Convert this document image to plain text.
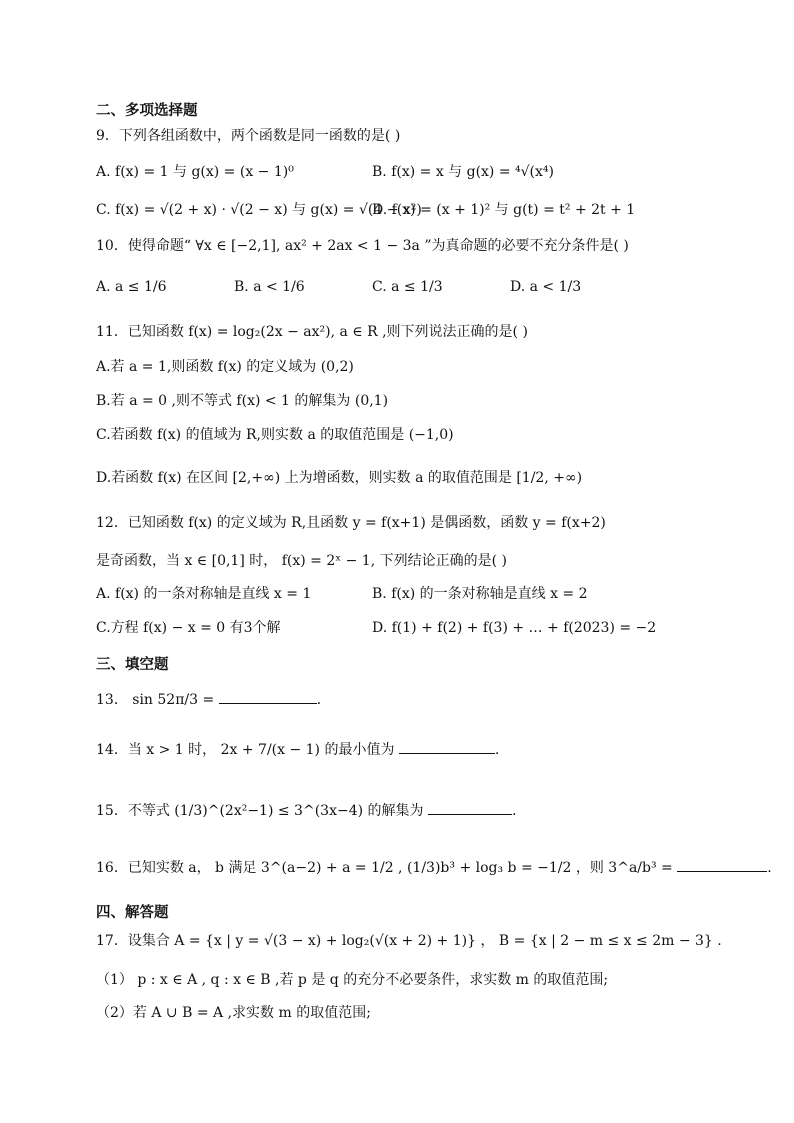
二、多项选择题
9．下列各组函数中，两个函数是同一函数的是( )
A. f(x) = 1 与 g(x) = (x − 1)⁰	B. f(x) = x 与 g(x) = ⁴√(x⁴)
C. f(x) = √(2 + x) · √(2 − x) 与 g(x) = √(4 − x²)
D. f(x) = (x + 1)² 与 g(t) = t² + 2t + 1
10．使得命题“ ∀x ∈ [−2,1], ax² + 2ax < 1 − 3a ”为真命题的必要不充分条件是( )
A. a ≤ 1/6	B. a < 1/6	C. a ≤ 1/3	D. a < 1/3
11．已知函数 f(x) = log₂(2x − ax²), a ∈ R ,则下列说法正确的是( )
A.若 a = 1,则函数 f(x) 的定义域为 (0,2)
B.若 a = 0 ,则不等式 f(x) < 1 的解集为 (0,1)
C.若函数 f(x) 的值域为 R,则实数 a 的取值范围是 (−1,0)
D.若函数 f(x) 在区间 [2,+∞) 上为增函数，则实数 a 的取值范围是 [1/2, +∞)
12．已知函数 f(x) 的定义域为 R,且函数 y = f(x+1) 是偶函数，函数 y = f(x+2)
是奇函数，当 x ∈ [0,1] 时， f(x) = 2ˣ − 1, 下列结论正确的是( )
A. f(x) 的一条对称轴是直线 x = 1	B. f(x) 的一条对称轴是直线 x = 2
C.方程 f(x) − x = 0 有3个解	D. f(1) + f(2) + f(3) + … + f(2023) = −2
三、填空题
13． sin 52π/3 =	.
14．当 x > 1 时， 2x + 7/(x − 1) 的最小值为	.
15．不等式 (1/3)^(2x²−1) ≤ 3^(3x−4) 的解集为	.
16．已知实数 a， b 满足 3^(a−2) + a = 1/2 , (1/3)b³ + log₃ b = −1/2 ，则 3^a/b³ =	.
四、解答题
17．设集合 A = {x | y = √(3 − x) + log₂(√(x + 2) + 1)} ， B = {x | 2 − m ≤ x ≤ 2m − 3} .
（1） p : x ∈ A , q : x ∈ B ,若 p 是 q 的充分不必要条件，求实数 m 的取值范围;
（2）若 A ∪ B = A ,求实数 m 的取值范围;
